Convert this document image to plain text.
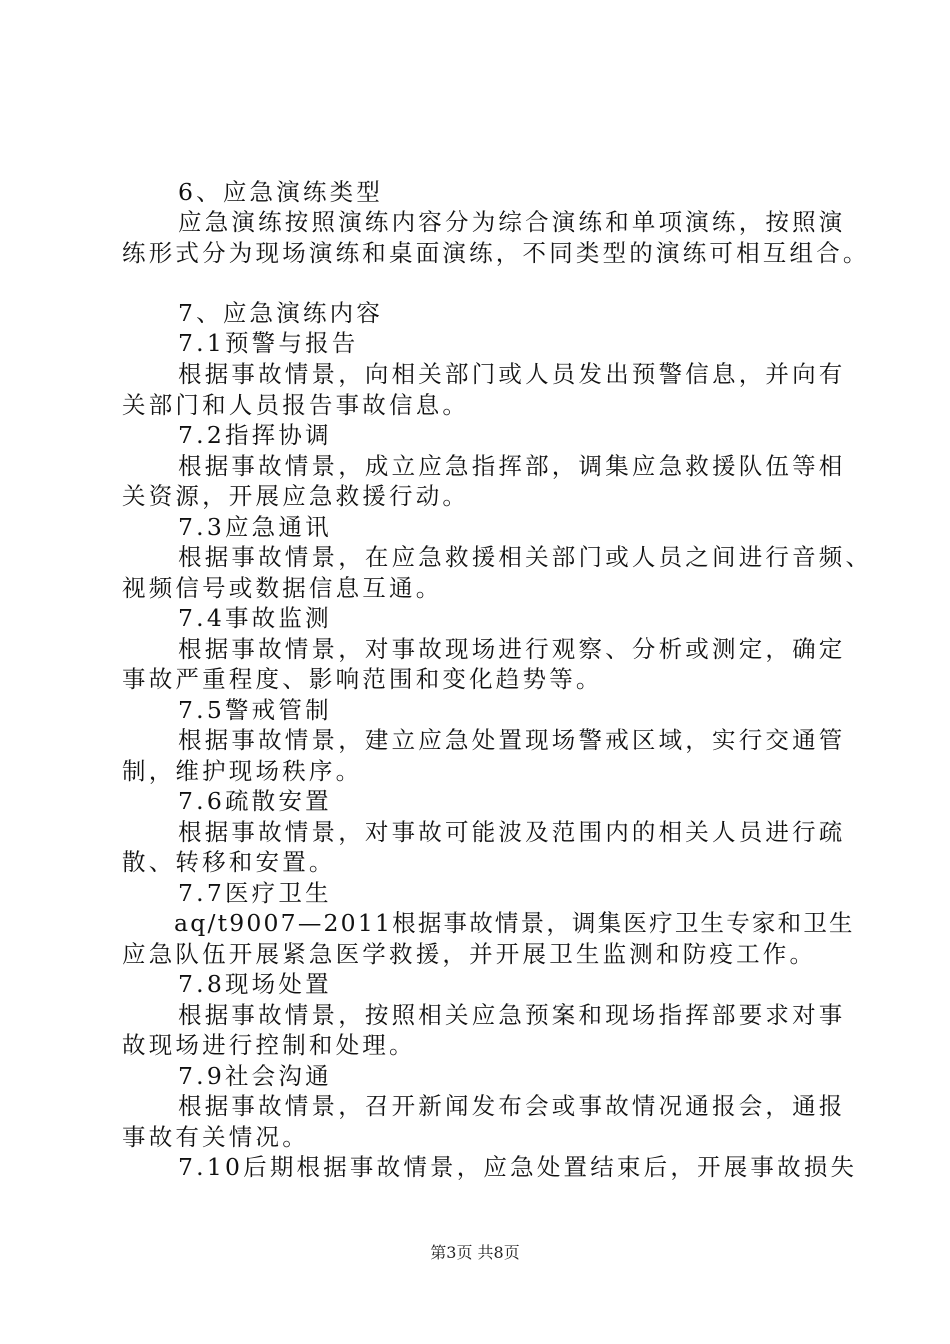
6、应急演练类型
应急演练按照演练内容分为综合演练和单项演练，按照演
练形式分为现场演练和桌面演练，不同类型的演练可相互组合。
7、应急演练内容
7.1预警与报告
根据事故情景，向相关部门或人员发出预警信息，并向有
关部门和人员报告事故信息。
7.2指挥协调
根据事故情景，成立应急指挥部，调集应急救援队伍等相
关资源，开展应急救援行动。
7.3应急通讯
根据事故情景，在应急救援相关部门或人员之间进行音频、
视频信号或数据信息互通。
7.4事故监测
根据事故情景，对事故现场进行观察、分析或测定，确定
事故严重程度、影响范围和变化趋势等。
7.5警戒管制
根据事故情景，建立应急处置现场警戒区域，实行交通管
制，维护现场秩序。
7.6疏散安置
根据事故情景，对事故可能波及范围内的相关人员进行疏
散、转移和安置。
7.7医疗卫生
aq/t9007—2011根据事故情景，调集医疗卫生专家和卫生
应急队伍开展紧急医学救援，并开展卫生监测和防疫工作。
7.8现场处置
根据事故情景，按照相关应急预案和现场指挥部要求对事
故现场进行控制和处理。
7.9社会沟通
根据事故情景，召开新闻发布会或事故情况通报会，通报
事故有关情况。
7.10后期根据事故情景，应急处置结束后，开展事故损失
第3页 共8页
